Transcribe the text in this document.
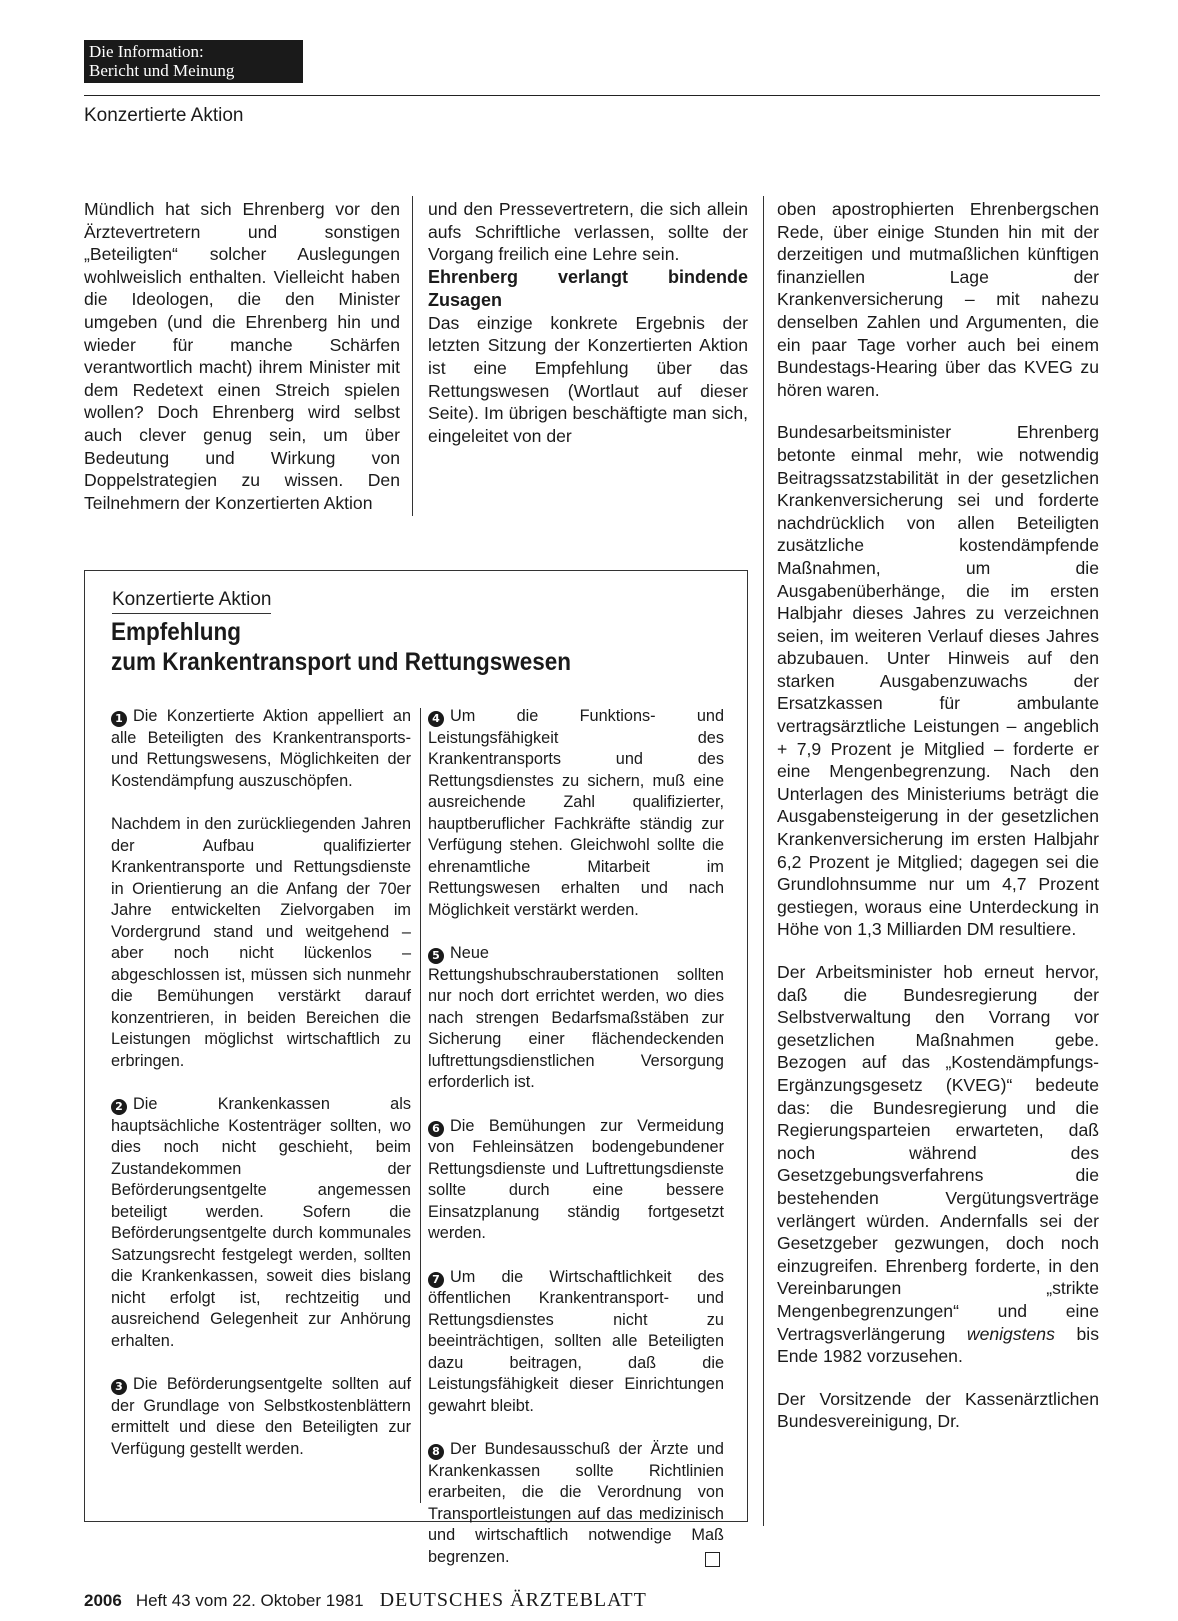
Die Information:
Bericht und Meinung
Konzertierte Aktion

Mündlich hat sich Ehrenberg vor den Ärztevertretern und sonstigen „Beteiligten“ solcher Auslegungen wohlweislich enthalten. Vielleicht haben die Ideologen, die den Minister umgeben (und die Ehrenberg hin und wieder für manche Schärfen verantwortlich macht) ihrem Minister mit dem Redetext einen Streich spielen wollen? Doch Ehrenberg wird selbst auch clever genug sein, um über Bedeutung und Wirkung von Doppelstrategien zu wissen. Den Teilnehmern der Konzertierten Aktion

und den Pressevertretern, die sich allein aufs Schriftliche verlassen, sollte der Vorgang freilich eine Lehre sein.

Ehrenberg verlangt bindende Zusagen

Das einzige konkrete Ergebnis der letzten Sitzung der Konzertierten Aktion ist eine Empfehlung über das Rettungswesen (Wortlaut auf dieser Seite). Im übrigen beschäftigte man sich, eingeleitet von der

oben apostrophierten Ehrenbergschen Rede, über einige Stunden hin mit der derzeitigen und mutmaßlichen künftigen finanziellen Lage der Krankenversicherung – mit nahezu denselben Zahlen und Argumenten, die ein paar Tage vorher auch bei einem Bundestags-Hearing über das KVEG zu hören waren.

Bundesarbeitsminister Ehrenberg betonte einmal mehr, wie notwendig Beitragssatzstabilität in der gesetzlichen Krankenversicherung sei und forderte nachdrücklich von allen Beteiligten zusätzliche kostendämpfende Maßnahmen, um die Ausgabenüberhänge, die im ersten Halbjahr dieses Jahres zu verzeichnen seien, im weiteren Verlauf dieses Jahres abzubauen. Unter Hinweis auf den starken Ausgabenzuwachs der Ersatzkassen für ambulante vertragsärztliche Leistungen – angeblich + 7,9 Prozent je Mitglied – forderte er eine Mengenbegrenzung. Nach den Unterlagen des Ministeriums beträgt die Ausgabensteigerung in der gesetzlichen Krankenversicherung im ersten Halbjahr 6,2 Prozent je Mitglied; dagegen sei die Grundlohnsumme nur um 4,7 Prozent gestiegen, woraus eine Unterdeckung in Höhe von 1,3 Milliarden DM resultiere.

Der Arbeitsminister hob erneut hervor, daß die Bundesregierung der Selbstverwaltung den Vorrang vor gesetzlichen Maßnahmen gebe. Bezogen auf das „Kostendämpfungs-Ergänzungsgesetz (KVEG)“ bedeute das: die Bundesregierung und die Regierungsparteien erwarteten, daß noch während des Gesetzgebungsverfahrens die bestehenden Vergütungsverträge verlängert würden. Andernfalls sei der Gesetzgeber gezwungen, doch noch einzugreifen. Ehrenberg forderte, in den Vereinbarungen „strikte Mengenbegrenzungen“ und eine Vertragsverlängerung wenigstens bis Ende 1982 vorzusehen.

Der Vorsitzende der Kassenärztlichen Bundesvereinigung, Dr.

Konzertierte Aktion
Empfehlung
zum Krankentransport und Rettungswesen

1 Die Konzertierte Aktion appelliert an alle Beteiligten des Krankentransports- und Rettungswesens, Möglichkeiten der Kostendämpfung auszuschöpfen.

Nachdem in den zurückliegenden Jahren der Aufbau qualifizierter Krankentransporte und Rettungsdienste in Orientierung an die Anfang der 70er Jahre entwickelten Zielvorgaben im Vordergrund stand und weitgehend – aber noch nicht lückenlos – abgeschlossen ist, müssen sich nunmehr die Bemühungen verstärkt darauf konzentrieren, in beiden Bereichen die Leistungen möglichst wirtschaftlich zu erbringen.

2 Die Krankenkassen als hauptsächliche Kostenträger sollten, wo dies noch nicht geschieht, beim Zustandekommen der Beförderungsentgelte angemessen beteiligt werden. Sofern die Beförderungsentgelte durch kommunales Satzungsrecht festgelegt werden, sollten die Krankenkassen, soweit dies bislang nicht erfolgt ist, rechtzeitig und ausreichend Gelegenheit zur Anhörung erhalten.

3 Die Beförderungsentgelte sollten auf der Grundlage von Selbstkostenblättern ermittelt und diese den Beteiligten zur Verfügung gestellt werden.

4 Um die Funktions- und Leistungsfähigkeit des Krankentransports und des Rettungsdienstes zu sichern, muß eine ausreichende Zahl qualifizierter, hauptberuflicher Fachkräfte ständig zur Verfügung stehen. Gleichwohl sollte die ehrenamtliche Mitarbeit im Rettungswesen erhalten und nach Möglichkeit verstärkt werden.

5 Neue Rettungshubschrauberstationen sollten nur noch dort errichtet werden, wo dies nach strengen Bedarfsmaßstäben zur Sicherung einer flächendeckenden luftrettungsdienstlichen Versorgung erforderlich ist.

6 Die Bemühungen zur Vermeidung von Fehleinsätzen bodengebundener Rettungsdienste und Luftrettungsdienste sollte durch eine bessere Einsatzplanung ständig fortgesetzt werden.

7 Um die Wirtschaftlichkeit des öffentlichen Krankentransport- und Rettungsdienstes nicht zu beeinträchtigen, sollten alle Beteiligten dazu beitragen, daß die Leistungsfähigkeit dieser Einrichtungen gewahrt bleibt.

8 Der Bundesausschuß der Ärzte und Krankenkassen sollte Richtlinien erarbeiten, die die Verordnung von Transportleistungen auf das medizinisch und wirtschaftlich notwendige Maß begrenzen.

2006 Heft 43 vom 22. Oktober 1981 DEUTSCHES ÄRZTEBLATT
